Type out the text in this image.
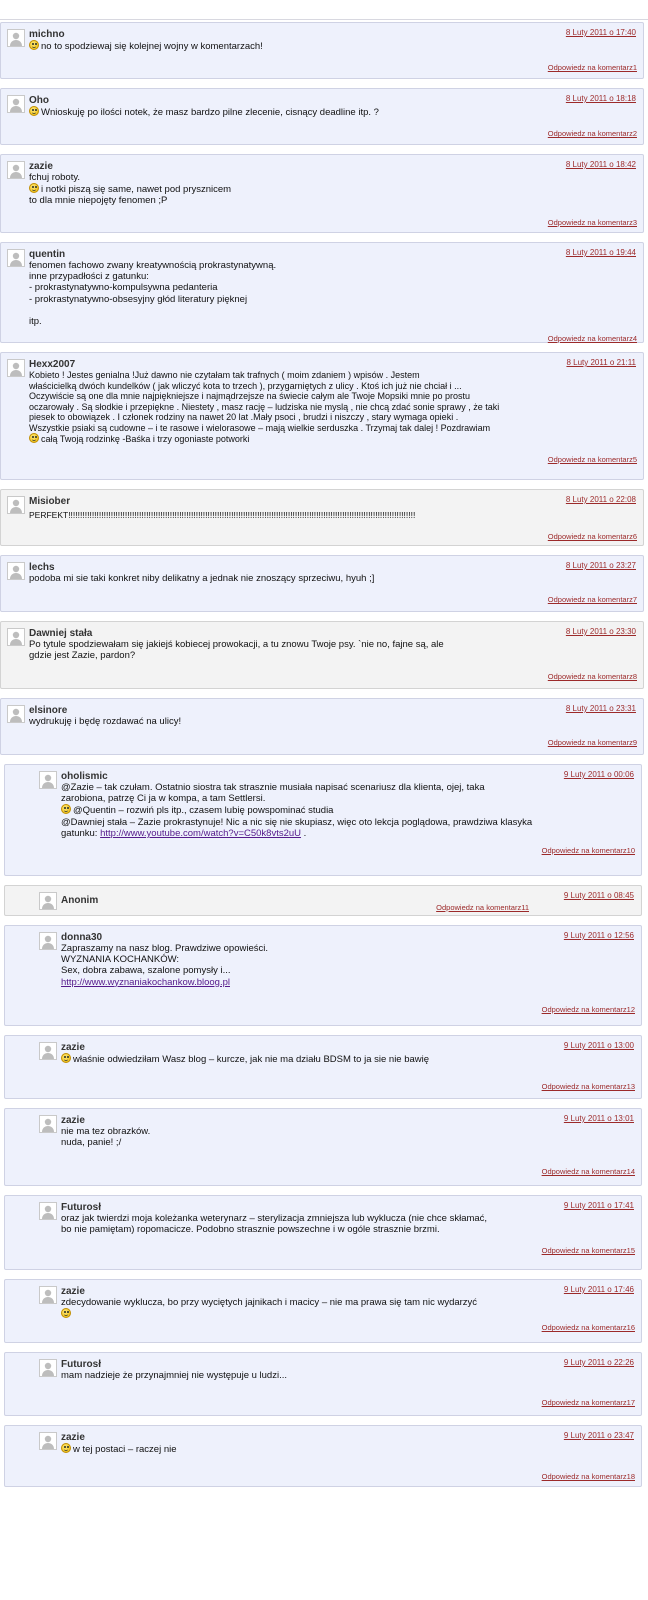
michno	8 Luty 2011 o 17:40
no to spodziewaj się kolejnej wojny w komentarzach!
Odpowiedz na komentarz1
Oho	8 Luty 2011 o 18:18
Wnioskuję po ilości notek, że masz bardzo pilne zlecenie, cisnący deadline itp. ?
Odpowiedz na komentarz2
zazie	8 Luty 2011 o 18:42
fchuj roboty.
i notki piszą się same, nawet pod prysznicem
to dla mnie niepojęty fenomen ;P
Odpowiedz na komentarz3
quentin	8 Luty 2011 o 19:44
fenomen fachowo zwany kreatywnością prokrastynatywną.
inne przypadłości z gatunku:
- prokrastynatywno-kompulsywna pedanteria
- prokrastynatywno-obsesyjny głód literatury pięknej
itp.
Odpowiedz na komentarz4
Hexx2007	8 Luty 2011 o 21:11
Kobieto ! Jestes genialna !Już dawno nie czytałam tak trafnych ( moim zdaniem ) wpisów . Jestem
właścicielką dwóch kundelków ( jak wliczyć kota to trzech ), przygarniętych z ulicy . Ktoś ich już nie chciał i ...
Oczywiście są one dla mnie najpiękniejsze i najmądrzejsze na świecie całym ale Twoje Mopsiki mnie po prostu
oczarowały . Są słodkie i przepiękne . Niestety , masz rację – ludziska nie myslą , nie chcą zdać sonie sprawy , że taki
piesek to obowiązek . I członek rodziny na nawet 20 lat .Mały psoci , brudzi i niszczy , stary wymaga opieki .
Wszystkie psiaki są cudowne – i te rasowe i wielorasowe – mają wielkie serduszka . Trzymaj tak dalej ! Pozdrawiam
całą Twoją rodzinkę -Baśka i trzy ogoniaste potworki
Odpowiedz na komentarz5
Misiober	8 Luty 2011 o 22:08
PERFEKT!!!!!!!!!!!!!!!!!!!!!!!!!!!!!!!!!!!!!!!!!!!!!!!!!!!!!!!!!!!!!!!!!!!!!!!!!!!!!!!!!!!!!!!!!!!!!!!!!!!!!!!!!!!!!!!!!!!!!!!!!!!!!!!!!!!!!!!!!!!!!!!!!!!
Odpowiedz na komentarz6
lechs	8 Luty 2011 o 23:27
podoba mi sie taki konkret niby delikatny a jednak nie znoszący sprzeciwu, hyuh ;]
Odpowiedz na komentarz7
Dawniej stała	8 Luty 2011 o 23:30
Po tytule spodziewałam się jakiejś kobiecej prowokacji, a tu znowu Twoje psy. `nie no, fajne są, ale
gdzie jest Zazie, pardon?
Odpowiedz na komentarz8
elsinore	8 Luty 2011 o 23:31
wydrukuję i będę rozdawać na ulicy!
Odpowiedz na komentarz9
oholismic	9 Luty 2011 o 00:06
@Zazie – tak czułam. Ostatnio siostra tak strasznie musiała napisać scenariusz dla klienta, ojej, taka
zarobiona, patrzę Ci ja w kompa, a tam Settlersi.
@Quentin – rozwiń pls itp., czasem lubię powspominać studia
@Dawniej stała – Zazie prokrastynuje! Nic a nic się nie skupiasz, więc oto lekcja poglądowa, prawdziwa klasyka
gatunku: http://www.youtube.com/watch?v=C50k8vts2uU .
Odpowiedz na komentarz10
Anonim	9 Luty 2011 o 08:45
Odpowiedz na komentarz11
donna30	9 Luty 2011 o 12:56
Zapraszamy na nasz blog. Prawdziwe opowieści.
WYZNANIA KOCHANKÓW:
Sex, dobra zabawa, szalone pomysły i...
http://www.wyznaniakochankow.bloog.pl
Odpowiedz na komentarz12
zazie	9 Luty 2011 o 13:00
właśnie odwiedziłam Wasz blog – kurcze, jak nie ma działu BDSM to ja sie nie bawię
Odpowiedz na komentarz13
zazie	9 Luty 2011 o 13:01
nie ma tez obrazków.
nuda, panie! ;/
Odpowiedz na komentarz14
Futurosł	9 Luty 2011 o 17:41
oraz jak twierdzi moja koleżanka weterynarz – sterylizacja zmniejsza lub wyklucza (nie chce skłamać,
bo nie pamiętam) ropomacicze. Podobno strasznie powszechne i w ogóle strasznie brzmi.
Odpowiedz na komentarz15
zazie	9 Luty 2011 o 17:46
zdecydowanie wyklucza, bo przy wyciętych jajnikach i macicy – nie ma prawa się tam nic wydarzyć
Odpowiedz na komentarz16
Futurosł	9 Luty 2011 o 22:26
mam nadzieje że przynajmniej nie występuje u ludzi...
Odpowiedz na komentarz17
zazie	9 Luty 2011 o 23:47
w tej postaci – raczej nie
Odpowiedz na komentarz18
